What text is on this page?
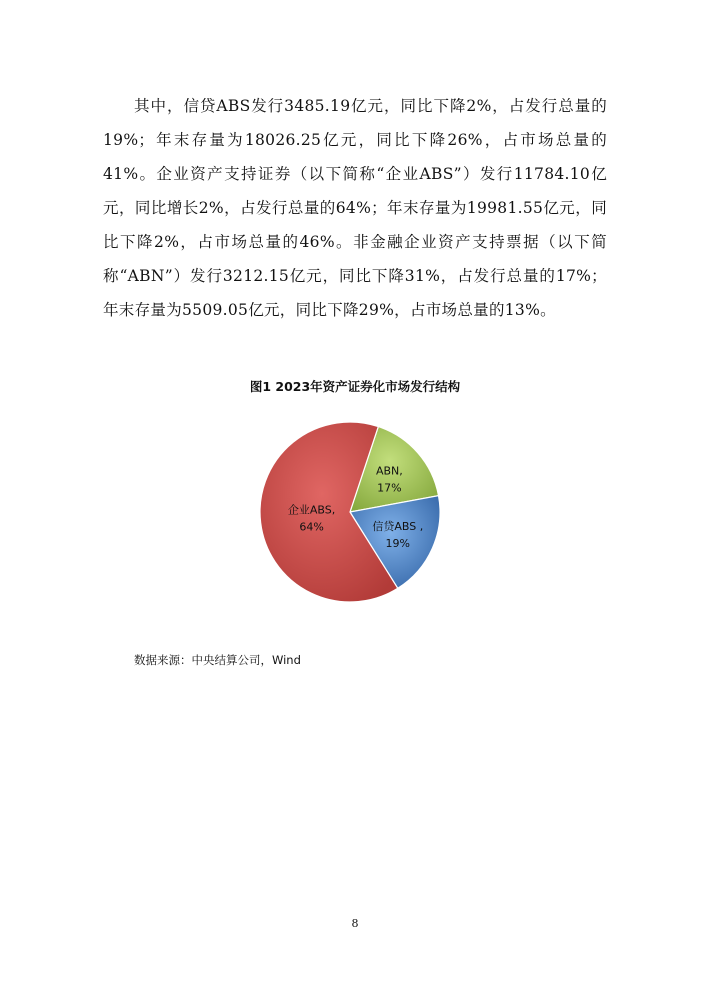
其中，信贷ABS发行3485.19亿元，同比下降2%，占发行总量的19%；年末存量为18026.25亿元，同比下降26%，占市场总量的41%。企业资产支持证券（以下简称“企业ABS”）发行11784.10亿元，同比增长2%，占发行总量的64%；年末存量为19981.55亿元，同比下降2%，占市场总量的46%。非金融企业资产支持票据（以下简称“ABN”）发行3212.15亿元，同比下降31%，占发行总量的17%；年末存量为5509.05亿元，同比下降29%，占市场总量的13%。

图1 2023年资产证券化市场发行结构
ABN,
17%
信贷ABS ,
19%
企业ABS,
64%
数据来源：中央结算公司，Wind
8
